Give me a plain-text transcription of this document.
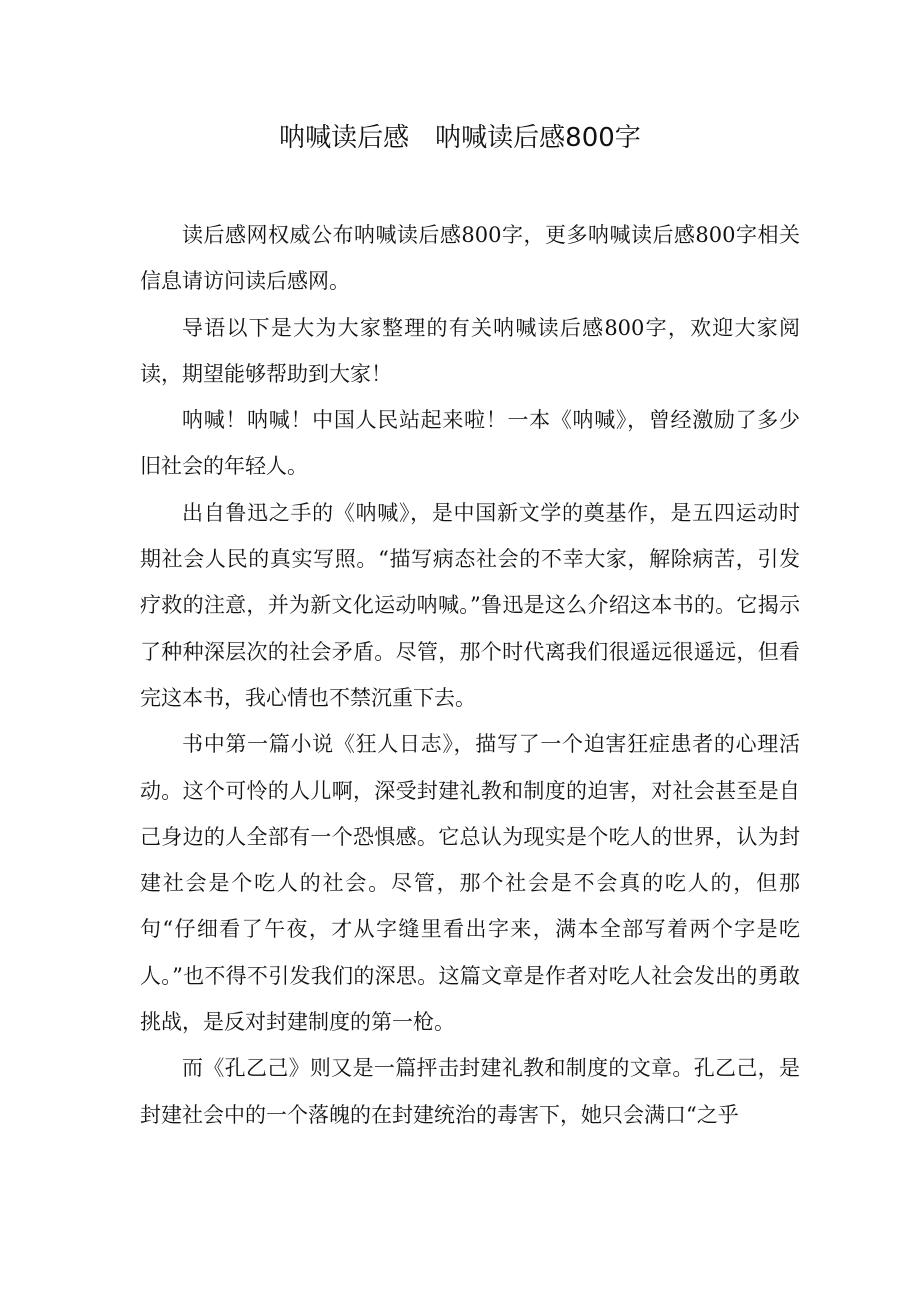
呐喊读后感　呐喊读后感800字

读后感网权威公布呐喊读后感800字，更多呐喊读后感800字相关信息请访问读后感网。

导语以下是大为大家整理的有关呐喊读后感800字，欢迎大家阅读，期望能够帮助到大家！

呐喊！呐喊！中国人民站起来啦！一本《呐喊》，曾经激励了多少旧社会的年轻人。

出自鲁迅之手的《呐喊》，是中国新文学的奠基作，是五四运动时期社会人民的真实写照。“描写病态社会的不幸大家，解除病苦，引发疗救的注意，并为新文化运动呐喊。”鲁迅是这么介绍这本书的。它揭示了种种深层次的社会矛盾。尽管，那个时代离我们很遥远很遥远，但看完这本书，我心情也不禁沉重下去。

书中第一篇小说《狂人日志》，描写了一个迫害狂症患者的心理活动。这个可怜的人儿啊，深受封建礼教和制度的迫害，对社会甚至是自己身边的人全部有一个恐惧感。它总认为现实是个吃人的世界，认为封建社会是个吃人的社会。尽管，那个社会是不会真的吃人的，但那句“仔细看了午夜，才从字缝里看出字来，满本全部写着两个字是吃人。”也不得不引发我们的深思。这篇文章是作者对吃人社会发出的勇敢挑战，是反对封建制度的第一枪。

而《孔乙己》则又是一篇抨击封建礼教和制度的文章。孔乙己，是封建社会中的一个落魄的在封建统治的毒害下，她只会满口“之乎
